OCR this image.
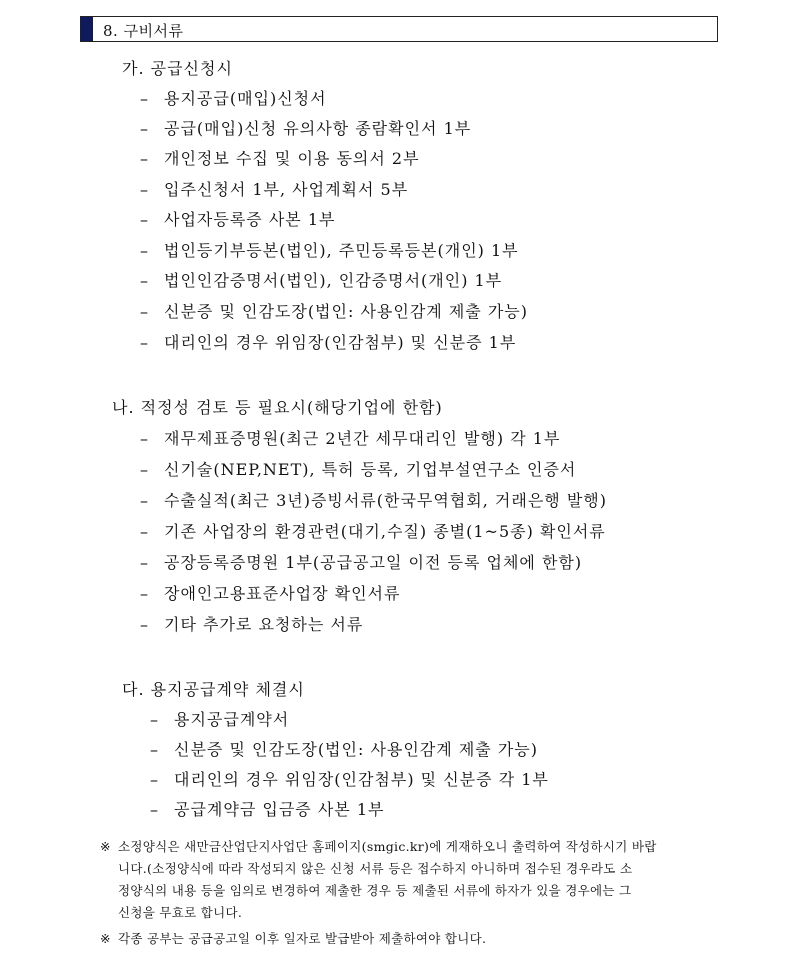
8. 구비서류
가. 공급신청시
– 용지공급(매입)신청서
– 공급(매입)신청 유의사항 종람확인서 1부
– 개인정보 수집 및 이용 동의서 2부
– 입주신청서 1부, 사업계획서 5부
– 사업자등록증 사본 1부
– 법인등기부등본(법인), 주민등록등본(개인) 1부
– 법인인감증명서(법인), 인감증명서(개인) 1부
– 신분증 및 인감도장(법인: 사용인감계 제출 가능)
– 대리인의 경우 위임장(인감첨부) 및 신분증 1부
나. 적정성 검토 등 필요시(해당기업에 한함)
– 재무제표증명원(최근 2년간 세무대리인 발행) 각 1부
– 신기술(NEP,NET), 특허 등록, 기업부설연구소 인증서
– 수출실적(최근 3년)증빙서류(한국무역협회, 거래은행 발행)
– 기존 사업장의 환경관련(대기,수질) 종별(1~5종) 확인서류
– 공장등록증명원 1부(공급공고일 이전 등록 업체에 한함)
– 장애인고용표준사업장 확인서류
– 기타 추가로 요청하는 서류
다. 용지공급계약 체결시
– 용지공급계약서
– 신분증 및 인감도장(법인: 사용인감계 제출 가능)
– 대리인의 경우 위임장(인감첨부) 및 신분증 각 1부
– 공급계약금 입금증 사본 1부
※ 소정양식은 새만금산업단지사업단 홈페이지(smgic.kr)에 게재하오니 출력하여 작성하시기 바랍
니다.(소정양식에 따라 작성되지 않은 신청 서류 등은 접수하지 아니하며 접수된 경우라도 소
정양식의 내용 등을 임의로 변경하여 제출한 경우 등 제출된 서류에 하자가 있을 경우에는 그
신청을 무효로 합니다.
※ 각종 공부는 공급공고일 이후 일자로 발급받아 제출하여야 합니다.
